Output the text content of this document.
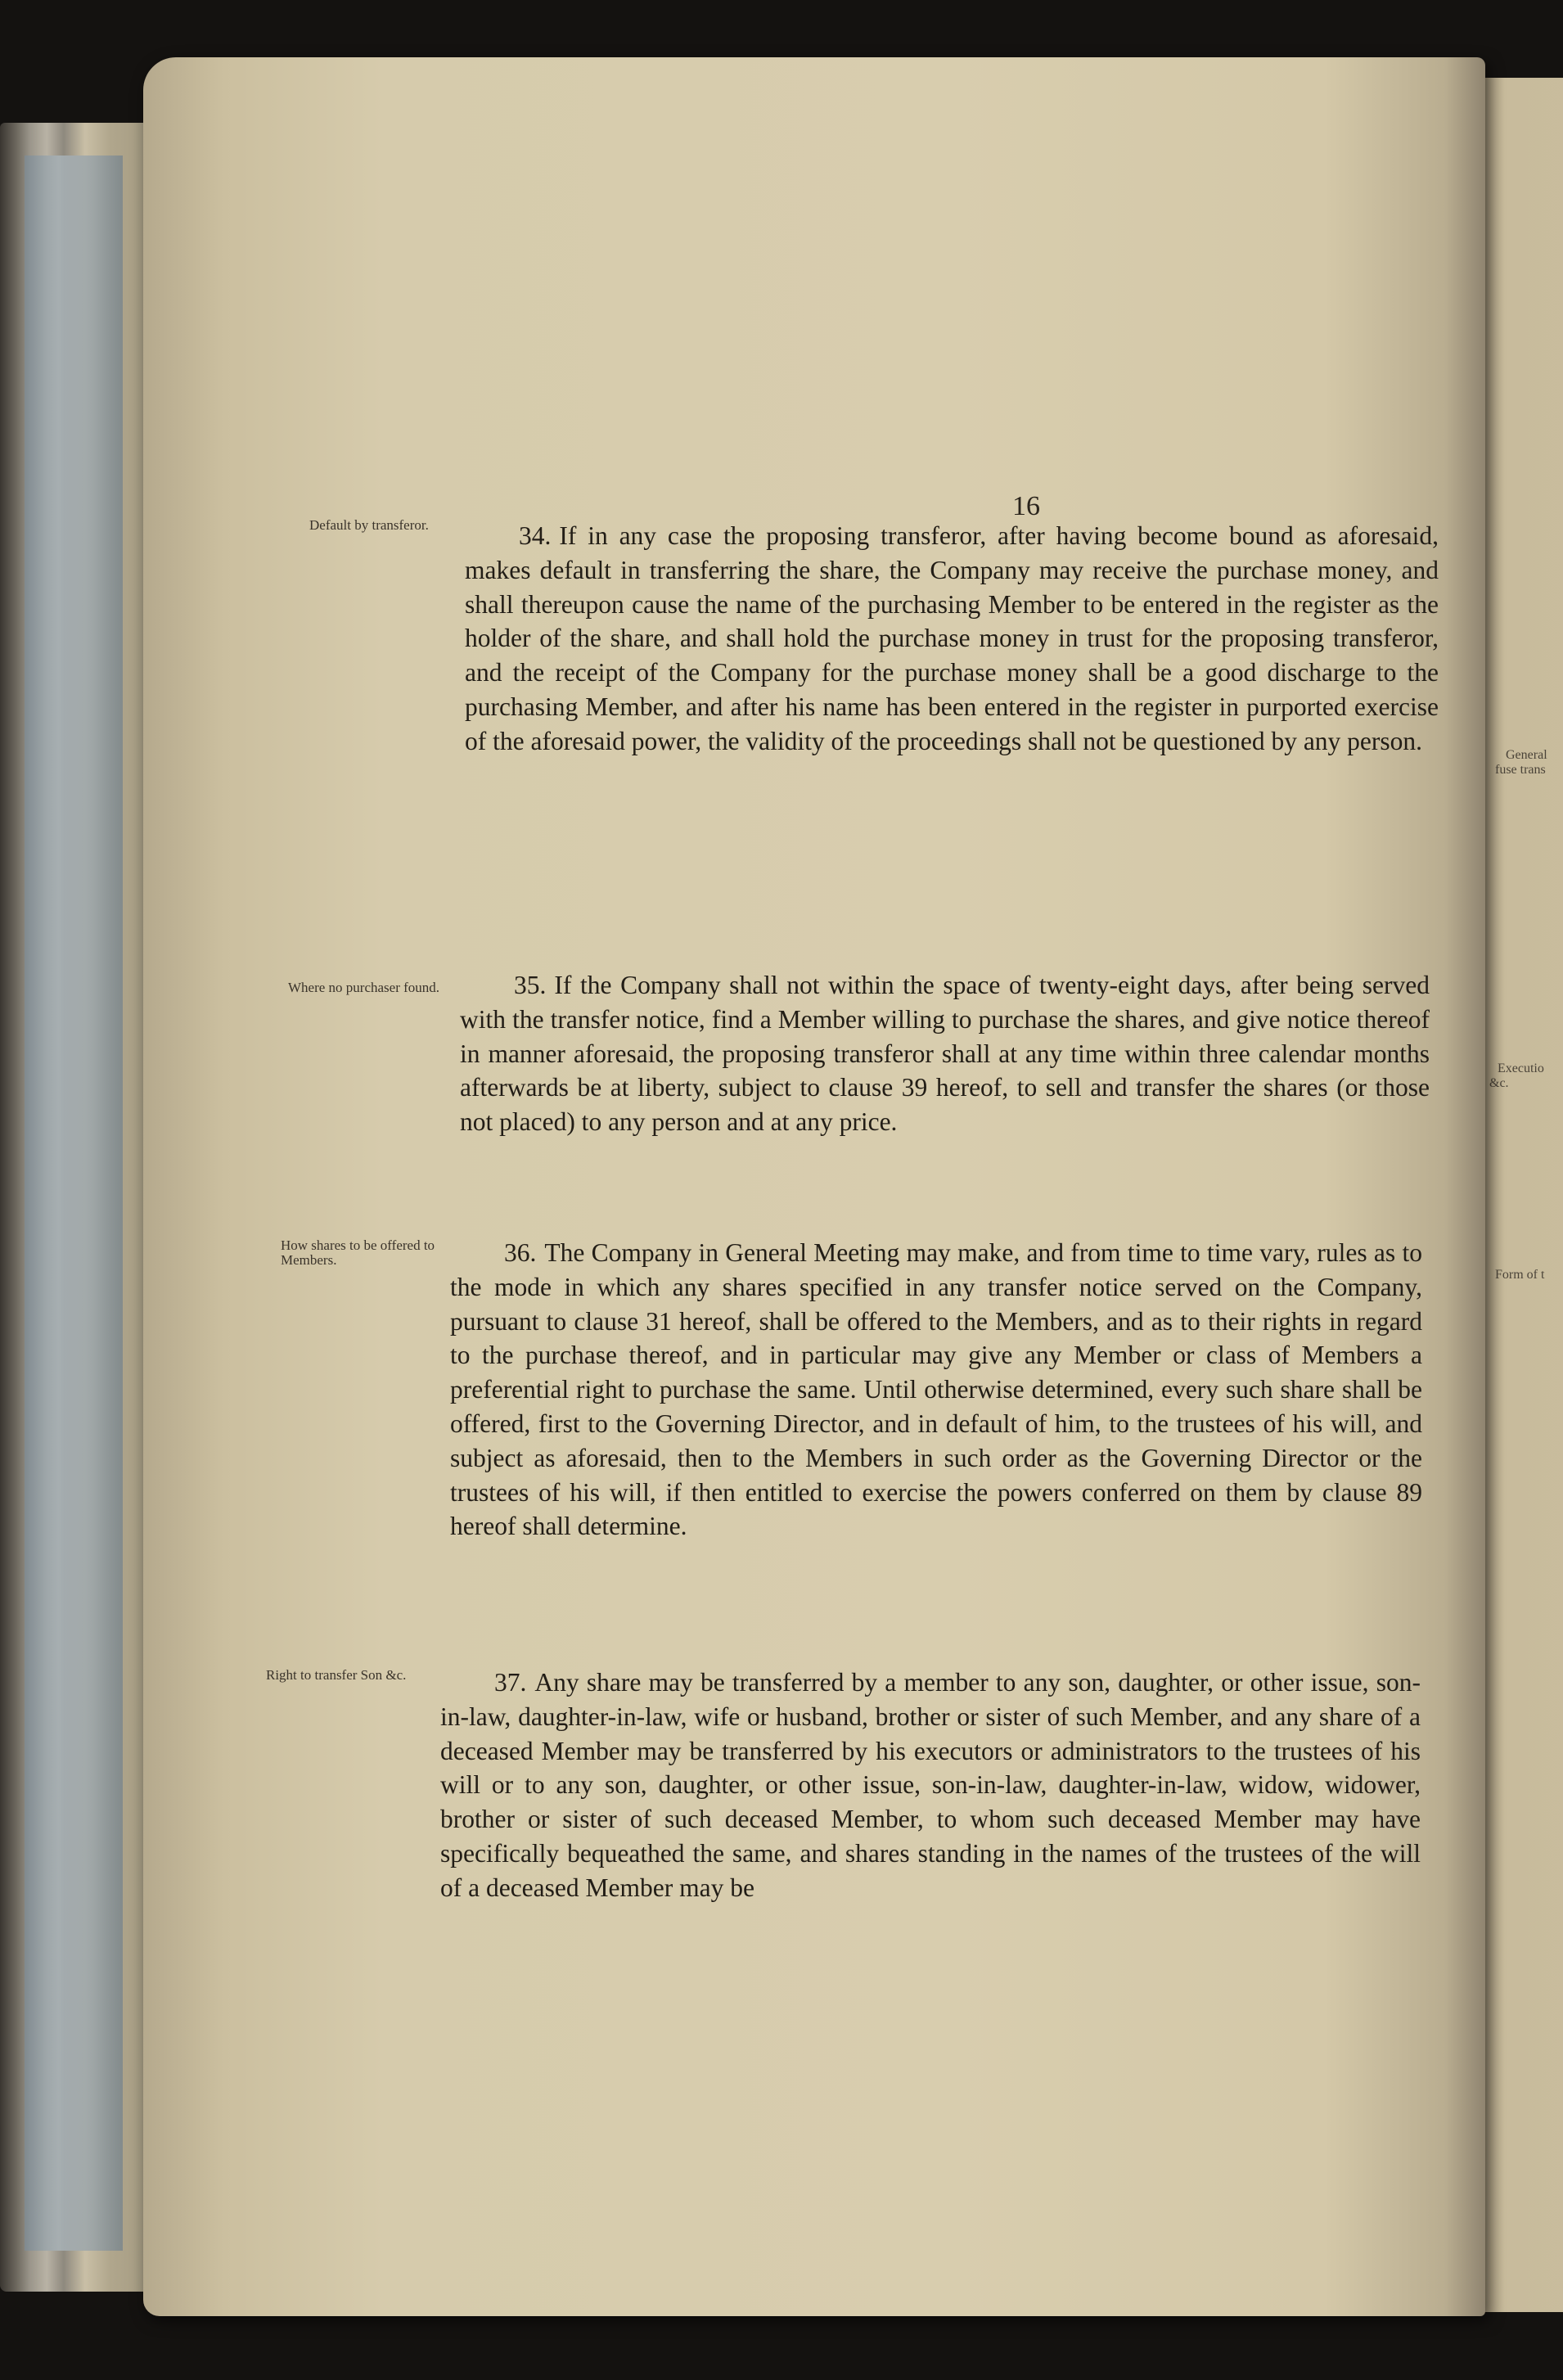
General
fuse trans
Executio
&c.
Form of t
16
Default by transferor.	34. If in any case the proposing transferor, after having become bound as aforesaid, makes default in transferring the share, the Company may receive the purchase money, and shall thereupon cause the name of the purchasing Member to be entered in the register as the holder of the share, and shall hold the purchase money in trust for the proposing transferor, and the receipt of the Company for the purchase money shall be a good discharge to the purchasing Member, and after his name has been entered in the register in purported exercise of the aforesaid power, the validity of the proceedings shall not be questioned by any person.
Where no purchaser found.	35. If the Company shall not within the space of twenty-eight days, after being served with the transfer notice, find a Member willing to purchase the shares, and give notice thereof in manner aforesaid, the proposing transferor shall at any time within three calendar months afterwards be at liberty, subject to clause 39 hereof, to sell and transfer the shares (or those not placed) to any person and at any price.
How shares to be offered to Members.	36. The Company in General Meeting may make, and from time to time vary, rules as to the mode in which any shares specified in any transfer notice served on the Company, pursuant to clause 31 hereof, shall be offered to the Members, and as to their rights in regard to the purchase thereof, and in particular may give any Member or class of Members a preferential right to purchase the same. Until otherwise determined, every such share shall be offered, first to the Governing Director, and in default of him, to the trustees of his will, and subject as aforesaid, then to the Members in such order as the Governing Director or the trustees of his will, if then entitled to exercise the powers conferred on them by clause 89 hereof shall determine.
Right to transfer Son &c.	37. Any share may be transferred by a member to any son, daughter, or other issue, son-in-law, daughter-in-law, wife or husband, brother or sister of such Member, and any share of a deceased Member may be transferred by his executors or administrators to the trustees of his will or to any son, daughter, or other issue, son-in-law, daughter-in-law, widow, widower, brother or sister of such deceased Member, to whom such deceased Member may have specifically bequeathed the same, and shares standing in the names of the trustees of the will of a deceased Member may be
